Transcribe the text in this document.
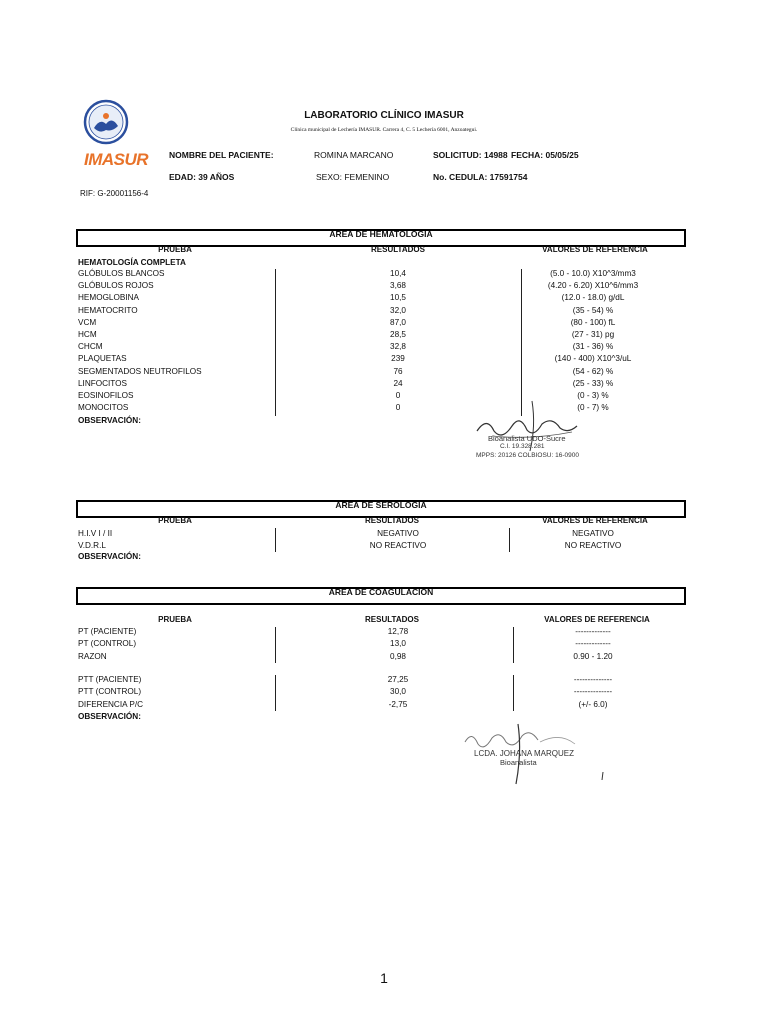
IMASUR
RIF: G-20001156-4
LABORATORIO CLÍNICO IMASUR
Clínica municipal de Lechería IMASUR. Carrera 4, C. 5 Lechería 6001, Anzoategui.
NOMBRE DEL PACIENTE:	ROMINA MARCANO	SOLICITUD: 14988 FECHA: 05/05/25
EDAD: 39 AÑOS	SEXO: FEMENINO	No. CEDULA: 17591754
AREA DE HEMATOLOGIA
PRUEBA	RESULTADOS	VALORES DE REFERENCIA
HEMATOLOGÍA COMPLETA
GLÓBULOS BLANCOS	10,4	(5.0 - 10.0) X10^3/mm3
GLÓBULOS ROJOS	3,68	(4.20 - 6.20) X10^6/mm3
HEMOGLOBINA	10,5	(12.0 - 18.0) g/dL
HEMATOCRITO	32,0	(35 - 54) %
VCM	87,0	(80 - 100) fL
HCM	28,5	(27 - 31) pg
CHCM	32,8	(31 - 36) %
PLAQUETAS	239	(140 - 400) X10^3/uL
SEGMENTADOS NEUTROFILOS	76	(54 - 62) %
LINFOCITOS	24	(25 - 33) %
EOSINOFILOS	0	(0 - 3) %
MONOCITOS	0	(0 - 7) %
OBSERVACIÓN:
Bioanalista UDO-Sucre
C.I. 19.328.281
MPPS: 20126 COLBIOSU: 16-0900
AREA DE SEROLOGIA
PRUEBA	RESULTADOS	VALORES DE REFERENCIA
H.I.V I / II	NEGATIVO	NEGATIVO
V.D.R.L	NO REACTIVO	NO REACTIVO
OBSERVACIÓN:
AREA DE COAGULACION
PRUEBA	RESULTADOS	VALORES DE REFERENCIA
PT (PACIENTE)	12,78	-------------
PT (CONTROL)	13,0	-------------
RAZON	0,98	0.90 - 1.20
PTT (PACIENTE)	27,25	--------------
PTT (CONTROL)	30,0	--------------
DIFERENCIA P/C	-2,75	(+/- 6.0)
OBSERVACIÓN:
LCDA. JOHANA MARQUEZ
Bioanalista
1
